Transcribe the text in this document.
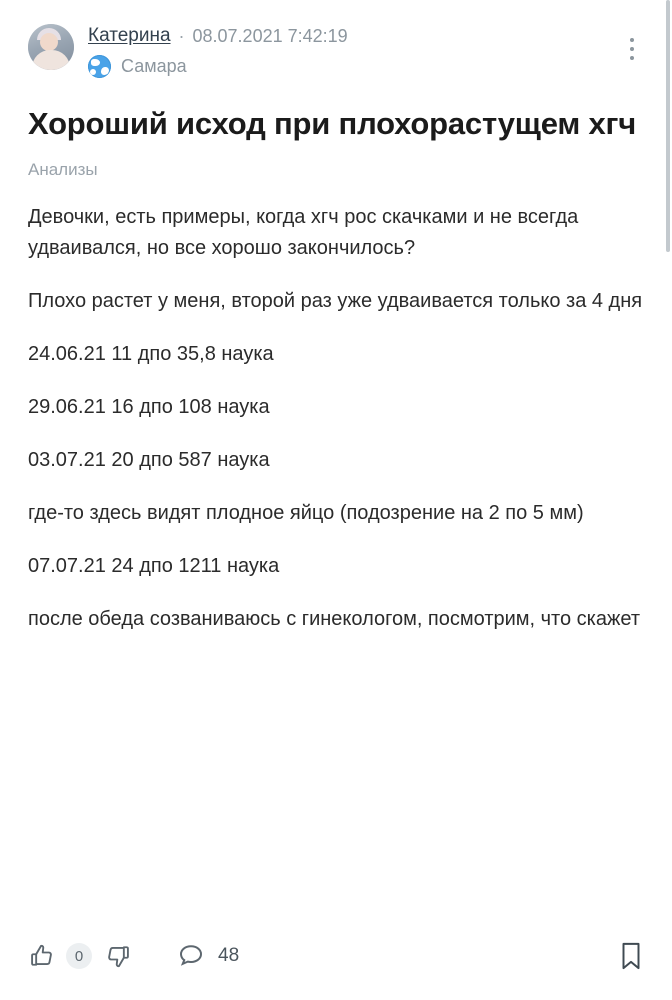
Катерина · 08.07.2021 7:42:19
Самара
Хороший исход при плохорастущем хгч
Анализы

Девочки, есть примеры, когда хгч рос скачками и не всегда удваивался, но все хорошо закончилось?

Плохо растет у меня, второй раз уже удваивается только за 4 дня

24.06.21 11 дпо 35,8 наука

29.06.21 16 дпо 108 наука

03.07.21 20 дпо 587 наука

где-то здесь видят плодное яйцо (подозрение на 2 по 5 мм)

07.07.21 24 дпо 1211 наука

после обеда созваниваюсь с гинекологом, посмотрим, что скажет

0	48
